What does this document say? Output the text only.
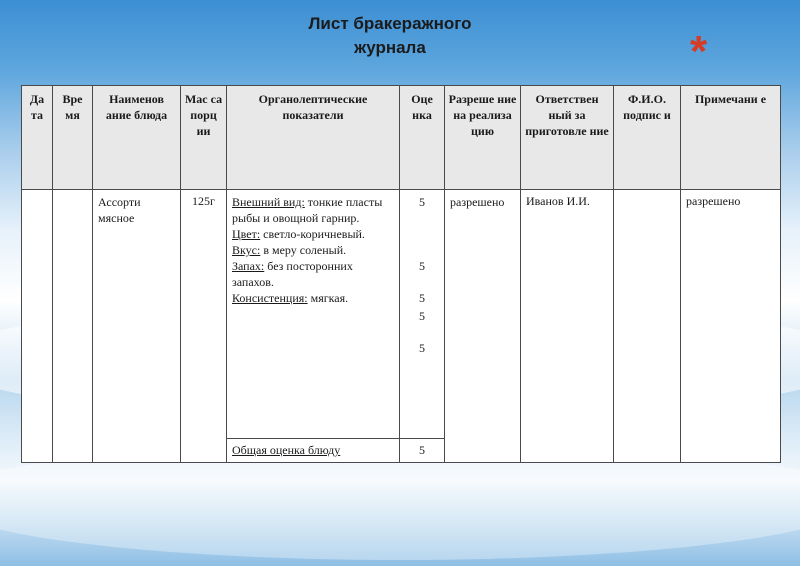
Лист бракеражного
журнала	*
Да та	Вре мя	Наименов ание блюда	Мас са порц ии	Органолептические показатели	Оце нка	Разреше ние на реализа цию	Ответствен ный за приготовле ние	Ф.И.О. подпис и	Примечани е
		Ассорти мясное	125г	Внешний вид: тонкие пласты рыбы и овощной гарнир.
Цвет: светло-коричневый.
Вкус: в меру соленый.
Запах: без посторонних запахов.
Консистенция: мягкая.	5
5
5
5
5	разрешено	Иванов И.И.		разрешено
				Общая оценка блюду	5				
